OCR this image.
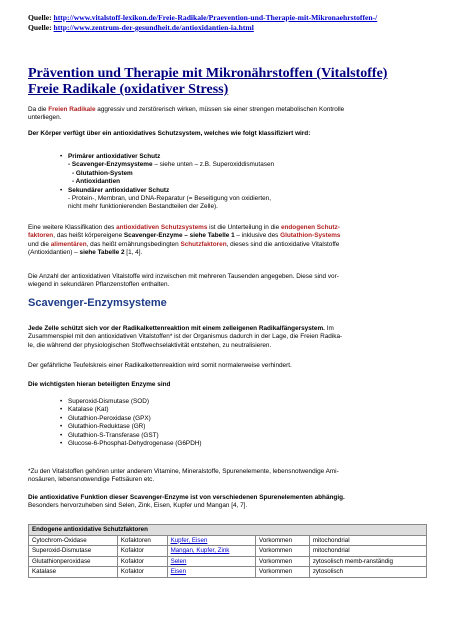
Quelle: http://www.vitalstoff-lexikon.de/Freie-Radikale/Praevention-und-Therapie-mit-Mikronaehrstoffen-/
Quelle: http://www.zentrum-der-gesundheit.de/antioxidantien-ia.html
Prävention und Therapie mit Mikronährstoffen (Vitalstoffe)
Freie Radikale (oxidativer Stress)
Da die Freien Radikale aggressiv und zerstörerisch wirken, müssen sie einer strengen metabolischen Kontrolle
unterliegen.
Der Körper verfügt über ein antioxidatives Schutzsystem, welches wie folgt klassifiziert wird:
• Primärer antioxidativer Schutz
- Scavenger-Enzymsysteme – siehe unten – z.B. Superoxiddismutasen
- Glutathion-System
- Antioxidantien
• Sekundärer antioxidativer Schutz
- Protein-, Membran, und DNA-Reparatur (= Beseitigung von oxidierten,
nicht mehr funktionierenden Bestandteilen der Zelle).
Eine weitere Klassifikation des antioxidativen Schutzsystems ist die Unterteilung in die endogenen Schutz-
faktoren, das heißt körpereigene Scavenger-Enzyme – siehe Tabelle 1 – inklusive des Glutathion-Systems
und die alimentären, das heißt ernährungsbedingten Schutzfaktoren, dieses sind die antioxidative Vitalstoffe
(Antioxidantien) – siehe Tabelle 2 [1, 4].
Die Anzahl der antioxidativen Vitalstoffe wird inzwischen mit mehreren Tausenden angegeben. Diese sind vor-
wiegend in sekundären Pflanzenstoffen enthalten.
Scavenger-Enzymsysteme
Jede Zelle schützt sich vor der Radikalkettenreaktion mit einem zelleigenen Radikalfängersystem. Im
Zusammenspiel mit den antioxidativen Vitalstoffen* ist der Organismus dadurch in der Lage, die Freien Radika-
le, die während der physiologischen Stoffwechselaktivität entstehen, zu neutralisieren.
Der gefährliche Teufelskreis einer Radikalkettenreaktion wird somit normalerweise verhindert.
Die wichtigsten hieran beteiligten Enzyme sind
• Superoxid-Dismutase (SOD)
• Katalase (Kat)
• Glutathion-Peroxidase (GPX)
• Glutathion-Reduktase (GR)
• Glutathion-S-Transferase (GST)
• Glucose-6-Phosphat-Dehydrogenase (G6PDH)
*Zu den Vitalstoffen gehören unter anderem Vitamine, Mineralstoffe, Spurenelemente, lebensnotwendige Ami-
nosäuren, lebensnotwendige Fettsäuren etc.
Die antioxidative Funktion dieser Scavenger-Enzyme ist von verschiedenen Spurenelementen abhängig.
Besonders hervorzuheben sind Selen, Zink, Eisen, Kupfer und Mangan [4, 7].
Endogene antioxidative Schutzfaktoren				
Cytochrom-Oxidase	Kofaktoren	Kupfer, Eisen	Vorkommen	mitochondrial
Superoxid-Dismutase	Kofaktor	Mangan, Kupfer, Zink	Vorkommen	mitochondrial
Glutathionperoxidase	Kofaktor	Selen	Vorkommen	zytosolisch memb-ranständig
Katalase	Kofaktor	Eisen	Vorkommen	zytosolisch
